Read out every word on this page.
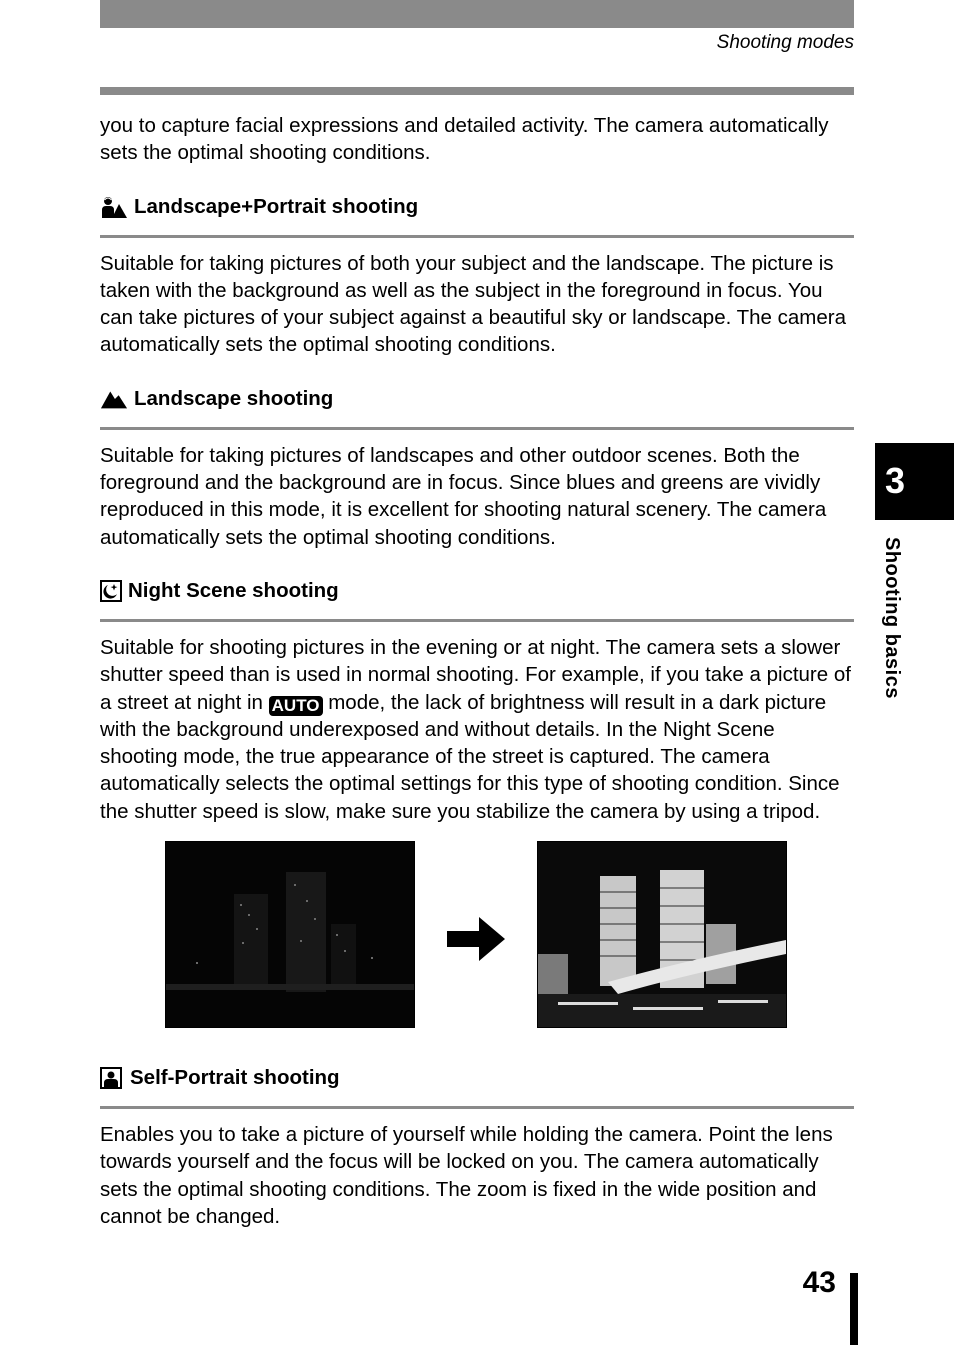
Shooting modes

you to capture facial expressions and detailed activity. The camera automatically sets the optimal shooting conditions.

Landscape+Portrait shooting

Suitable for taking pictures of both your subject and the landscape. The picture is taken with the background as well as the subject in the foreground in focus. You can take pictures of your subject against a beautiful sky or landscape. The camera automatically sets the optimal shooting conditions.

Landscape shooting

Suitable for taking pictures of landscapes and other outdoor scenes. Both the foreground and the background are in focus. Since blues and greens are vividly reproduced in this mode, it is excellent for shooting natural scenery. The camera automatically sets the optimal shooting conditions.

Night Scene shooting

Suitable for shooting pictures in the evening or at night. The camera sets a slower shutter speed than is used in normal shooting. For example, if you take a picture of a street at night in AUTO mode, the lack of brightness will result in a dark picture with the background underexposed and without details. In the Night Scene shooting mode, the true appearance of the street is captured. The camera automatically selects the optimal settings for this type of shooting condition. Since the shutter speed is slow, make sure you stabilize the camera by using a tripod.

Self-Portrait shooting

Enables you to take a picture of yourself while holding the camera. Point the lens towards yourself and the focus will be locked on you. The camera automatically sets the optimal shooting conditions. The zoom is fixed in the wide position and cannot be changed.

3
Shooting basics
43
